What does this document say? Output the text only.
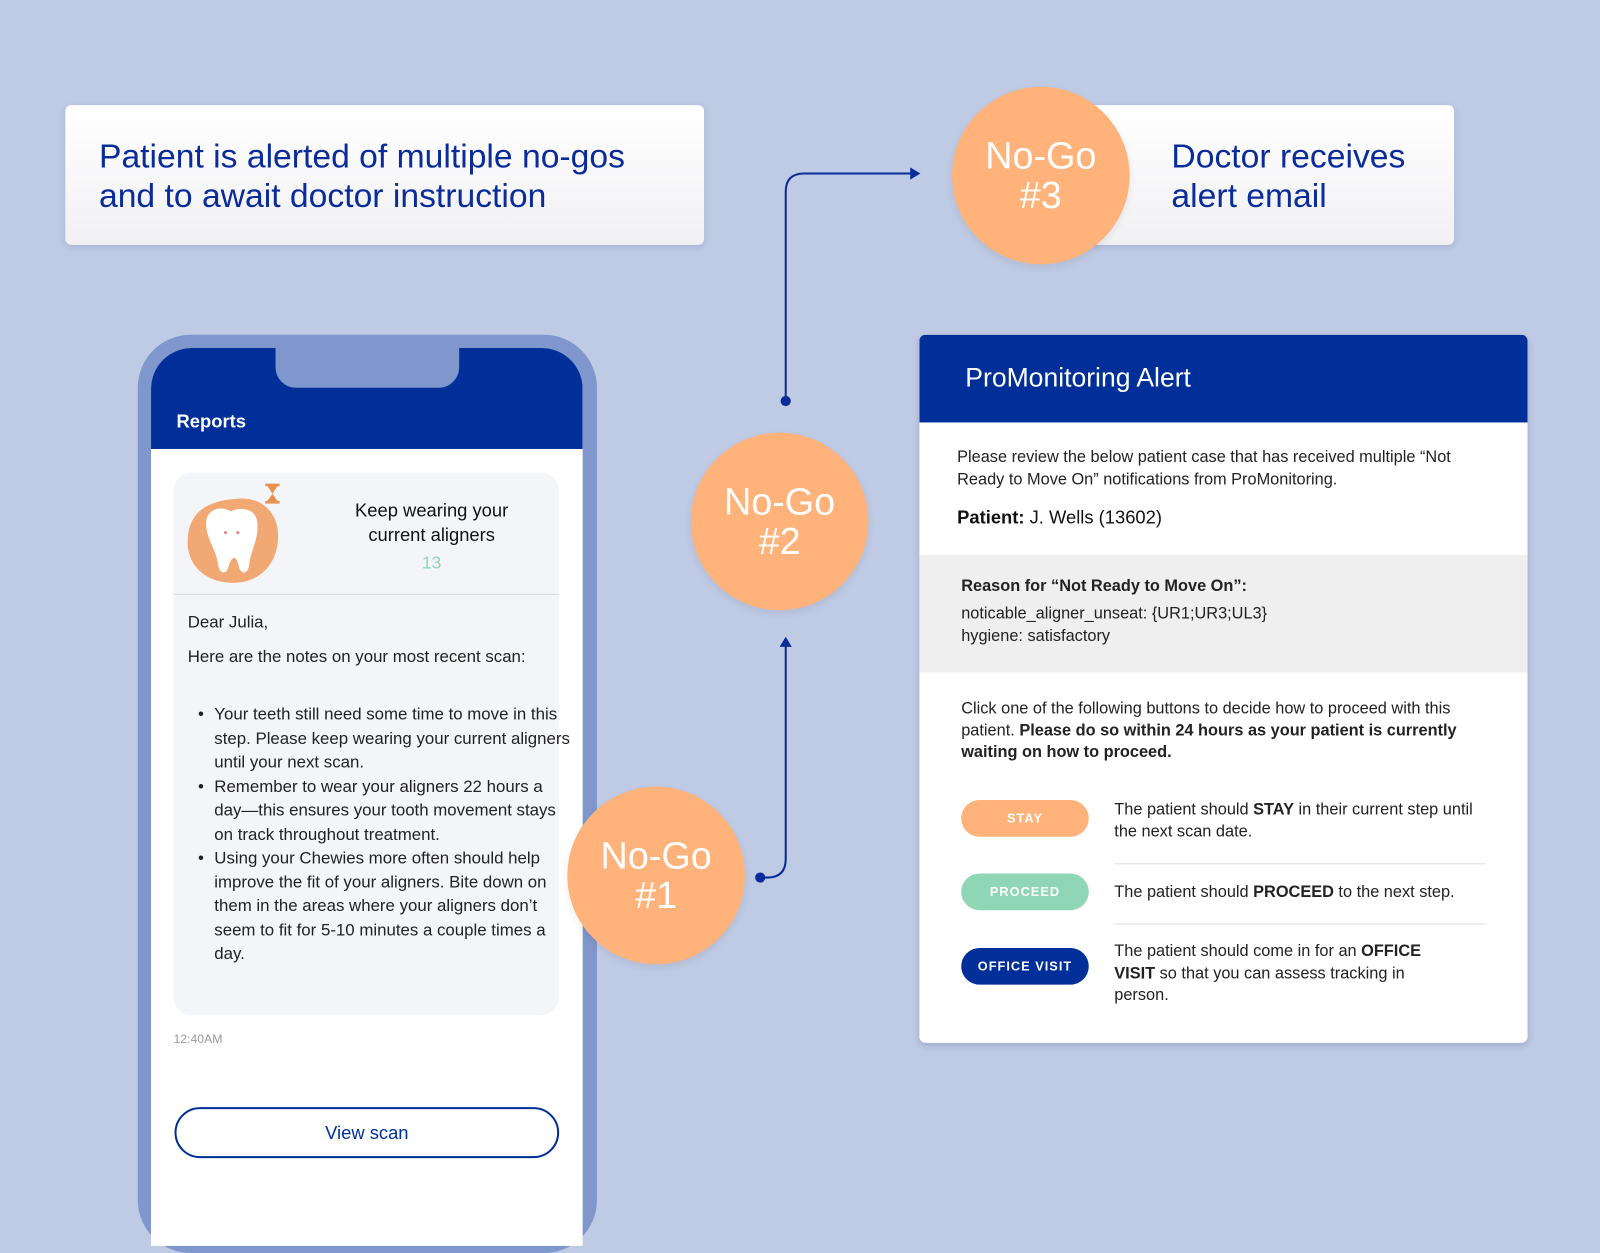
Patient is alerted of multiple no-gos
and to await doctor instruction
Doctor receives
alert email
Reports
Keep wearing your
current aligners
13
Dear Julia,
Here are the notes on your most recent scan:
• Your teeth still need some time to move in this step. Please keep wearing your current aligners until your next scan.
• Remember to wear your aligners 22 hours a day—this ensures your tooth movement stays on track throughout treatment.
• Using your Chewies more often should help improve the fit of your aligners. Bite down on them in the areas where your aligners don’t seem to fit for 5-10 minutes a couple times a day.
12:40AM
View scan
ProMonitoring Alert
Please review the below patient case that has received multiple “Not Ready to Move On” notifications from ProMonitoring.
Patient: J. Wells (13602)
Reason for “Not Ready to Move On”:
noticable_aligner_unseat: {UR1;UR3;UL3}
hygiene: satisfactory
Click one of the following buttons to decide how to proceed with this patient. Please do so within 24 hours as your patient is currently waiting on how to proceed.
STAY	The patient should STAY in their current step until the next scan date.
PROCEED	The patient should PROCEED to the next step.
OFFICE VISIT
The patient should come in for an OFFICE VISIT so that you can assess tracking in person.
No-Go
#1
No-Go
#2
No-Go
#3
